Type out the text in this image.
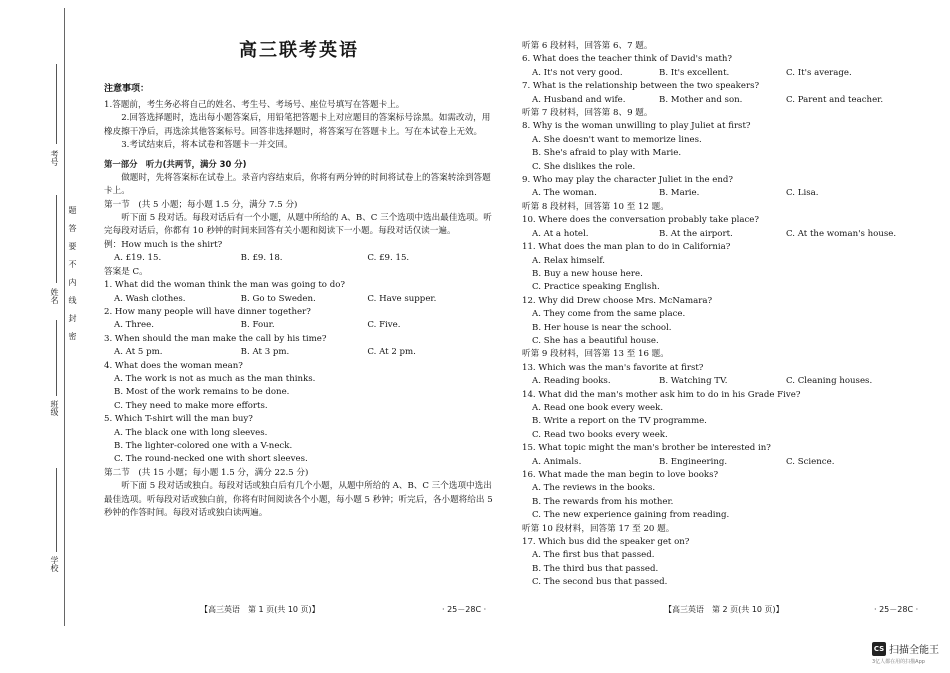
考号
姓名
班级
学校
题　答　要　不　内　线　封　密
高三联考英语
注意事项：
1.答题前，考生务必将自己的姓名、考生号、考场号、座位号填写在答题卡上。
2.回答选择题时，选出每小题答案后，用铅笔把答题卡上对应题目的答案标号涂黑。如需改动，用橡皮擦干净后，再选涂其他答案标号。回答非选择题时，将答案写在答题卡上。写在本试卷上无效。
3.考试结束后，将本试卷和答题卡一并交回。
第一部分　听力(共两节，满分 30 分)
做题时，先将答案标在试卷上。录音内容结束后，你将有两分钟的时间将试卷上的答案转涂到答题卡上。
第一节　(共 5 小题；每小题 1.5 分，满分 7.5 分)
听下面 5 段对话。每段对话后有一个小题，从题中所给的 A、B、C 三个选项中选出最佳选项。听完每段对话后，你都有 10 秒钟的时间来回答有关小题和阅读下一小题。每段对话仅读一遍。
例：How much is the shirt?
A. £19. 15.	B. £9. 18.	C. £9. 15.
答案是 C。
1. What did the woman think the man was going to do?
A. Wash clothes.	B. Go to Sweden.	C. Have supper.
2. How many people will have dinner together?
A. Three.	B. Four.	C. Five.
3. When should the man make the call by his time?
A. At 5 pm.	B. At 3 pm.	C. At 2 pm.
4. What does the woman mean?
A. The work is not as much as the man thinks.
B. Most of the work remains to be done.
C. They need to make more efforts.
5. Which T-shirt will the man buy?
A. The black one with long sleeves.
B. The lighter-colored one with a V-neck.
C. The round-necked one with short sleeves.
第二节　(共 15 小题；每小题 1.5 分，满分 22.5 分)
听下面 5 段对话或独白。每段对话或独白后有几个小题，从题中所给的 A、B、C 三个选项中选出最佳选项。听每段对话或独白前，你将有时间阅读各个小题，每小题 5 秒钟；听完后，各小题将给出 5 秒钟的作答时间。每段对话或独白读两遍。
听第 6 段材料，回答第 6、7 题。
6. What does the teacher think of David's math?
A. It's not very good.	B. It's excellent.	C. It's average.
7. What is the relationship between the two speakers?
A. Husband and wife.	B. Mother and son.	C. Parent and teacher.
听第 7 段材料，回答第 8、9 题。
8. Why is the woman unwilling to play Juliet at first?
A. She doesn't want to memorize lines.
B. She's afraid to play with Marie.
C. She dislikes the role.
9. Who may play the character Juliet in the end?
A. The woman.	B. Marie.	C. Lisa.
听第 8 段材料，回答第 10 至 12 题。
10. Where does the conversation probably take place?
A. At a hotel.	B. At the airport.	C. At the woman's house.
11. What does the man plan to do in California?
A. Relax himself.
B. Buy a new house here.
C. Practice speaking English.
12. Why did Drew choose Mrs. McNamara?
A. They come from the same place.
B. Her house is near the school.
C. She has a beautiful house.
听第 9 段材料，回答第 13 至 16 题。
13. Which was the man's favorite at first?
A. Reading books.	B. Watching TV.	C. Cleaning houses.
14. What did the man's mother ask him to do in his Grade Five?
A. Read one book every week.
B. Write a report on the TV programme.
C. Read two books every week.
15. What topic might the man's brother be interested in?
A. Animals.	B. Engineering.	C. Science.
16. What made the man begin to love books?
A. The reviews in the books.
B. The rewards from his mother.
C. The new experience gaining from reading.
听第 10 段材料，回答第 17 至 20 题。
17. Which bus did the speaker get on?
A. The first bus that passed.
B. The third bus that passed.
C. The second bus that passed.
【高三英语　第 1 页(共 10 页)】	· 25－28C ·	【高三英语　第 2 页(共 10 页)】	· 25－28C ·
CS 扫描全能王
3亿人都在用的扫描App
